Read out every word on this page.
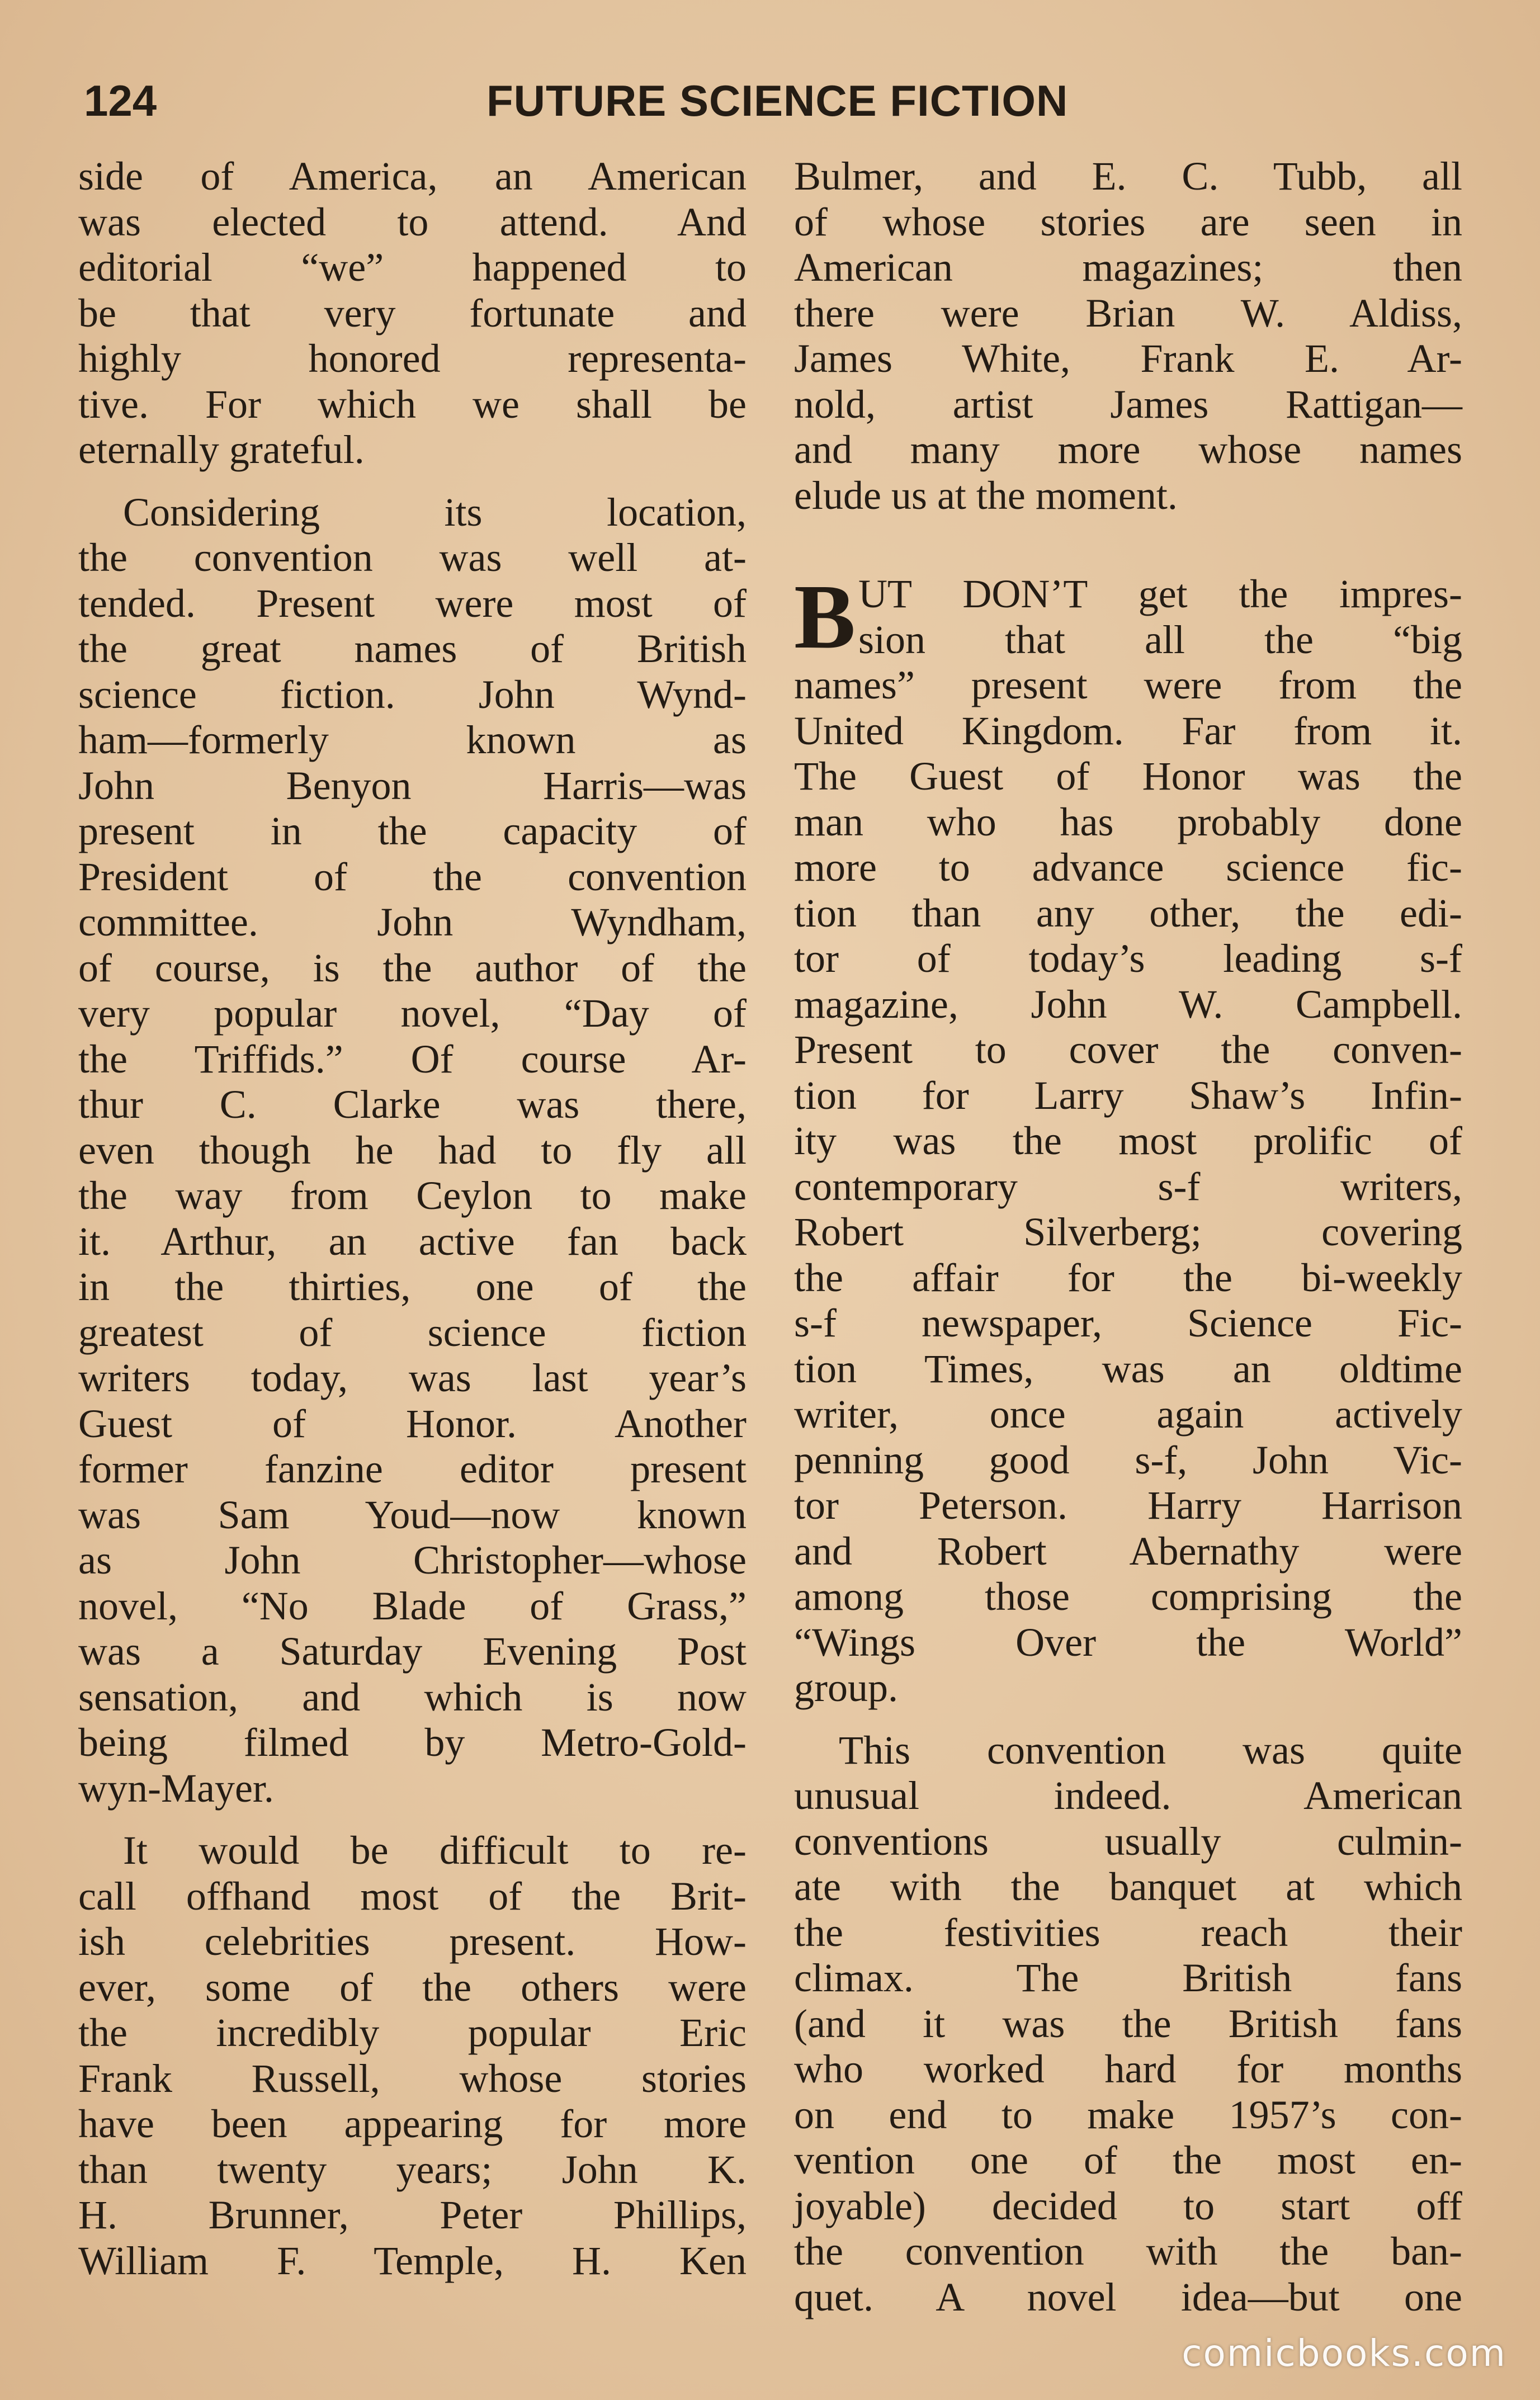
124	FUTURE SCIENCE FICTION
side of America, an American
was elected to attend. And
editorial “we” happened to
be that very fortunate and
highly honored representa-
tive. For which we shall be
eternally grateful.
Considering its location,
the convention was well at-
tended. Present were most of
the great names of British
science fiction. John Wynd-
ham—formerly known as
John Benyon Harris—was
present in the capacity of
President of the convention
committee. John Wyndham,
of course, is the author of the
very popular novel, “Day of
the Triffids.” Of course Ar-
thur C. Clarke was there,
even though he had to fly all
the way from Ceylon to make
it. Arthur, an active fan back
in the thirties, one of the
greatest of science fiction
writers today, was last year’s
Guest of Honor. Another
former fanzine editor present
was Sam Youd—now known
as John Christopher—whose
novel, “No Blade of Grass,”
was a Saturday Evening Post
sensation, and which is now
being filmed by Metro-Gold-
wyn-Mayer.
It would be difficult to re-
call offhand most of the Brit-
ish celebrities present. How-
ever, some of the others were
the incredibly popular Eric
Frank Russell, whose stories
have been appearing for more
than twenty years; John K.
H. Brunner, Peter Phillips,
William F. Temple, H. Ken
Bulmer, and E. C. Tubb, all
of whose stories are seen in
American magazines; then
there were Brian W. Aldiss,
James White, Frank E. Ar-
nold, artist James Rattigan—
and many more whose names
elude us at the moment.
B UT DON’T get the impres-
sion that all the “big
names” present were from the
United Kingdom. Far from it.
The Guest of Honor was the
man who has probably done
more to advance science fic-
tion than any other, the edi-
tor of today’s leading s-f
magazine, John W. Campbell.
Present to cover the conven-
tion for Larry Shaw’s Infin-
ity was the most prolific of
contemporary s-f writers,
Robert Silverberg; covering
the affair for the bi-weekly
s-f newspaper, Science Fic-
tion Times, was an oldtime
writer, once again actively
penning good s-f, John Vic-
tor Peterson. Harry Harrison
and Robert Abernathy were
among those comprising the
“Wings Over the World”
group.
This convention was quite
unusual indeed. American
conventions usually culmin-
ate with the banquet at which
the festivities reach their
climax. The British fans
(and it was the British fans
who worked hard for months
on end to make 1957’s con-
vention one of the most en-
joyable) decided to start off
the convention with the ban-
quet. A novel idea—but one
comicbooks.com
